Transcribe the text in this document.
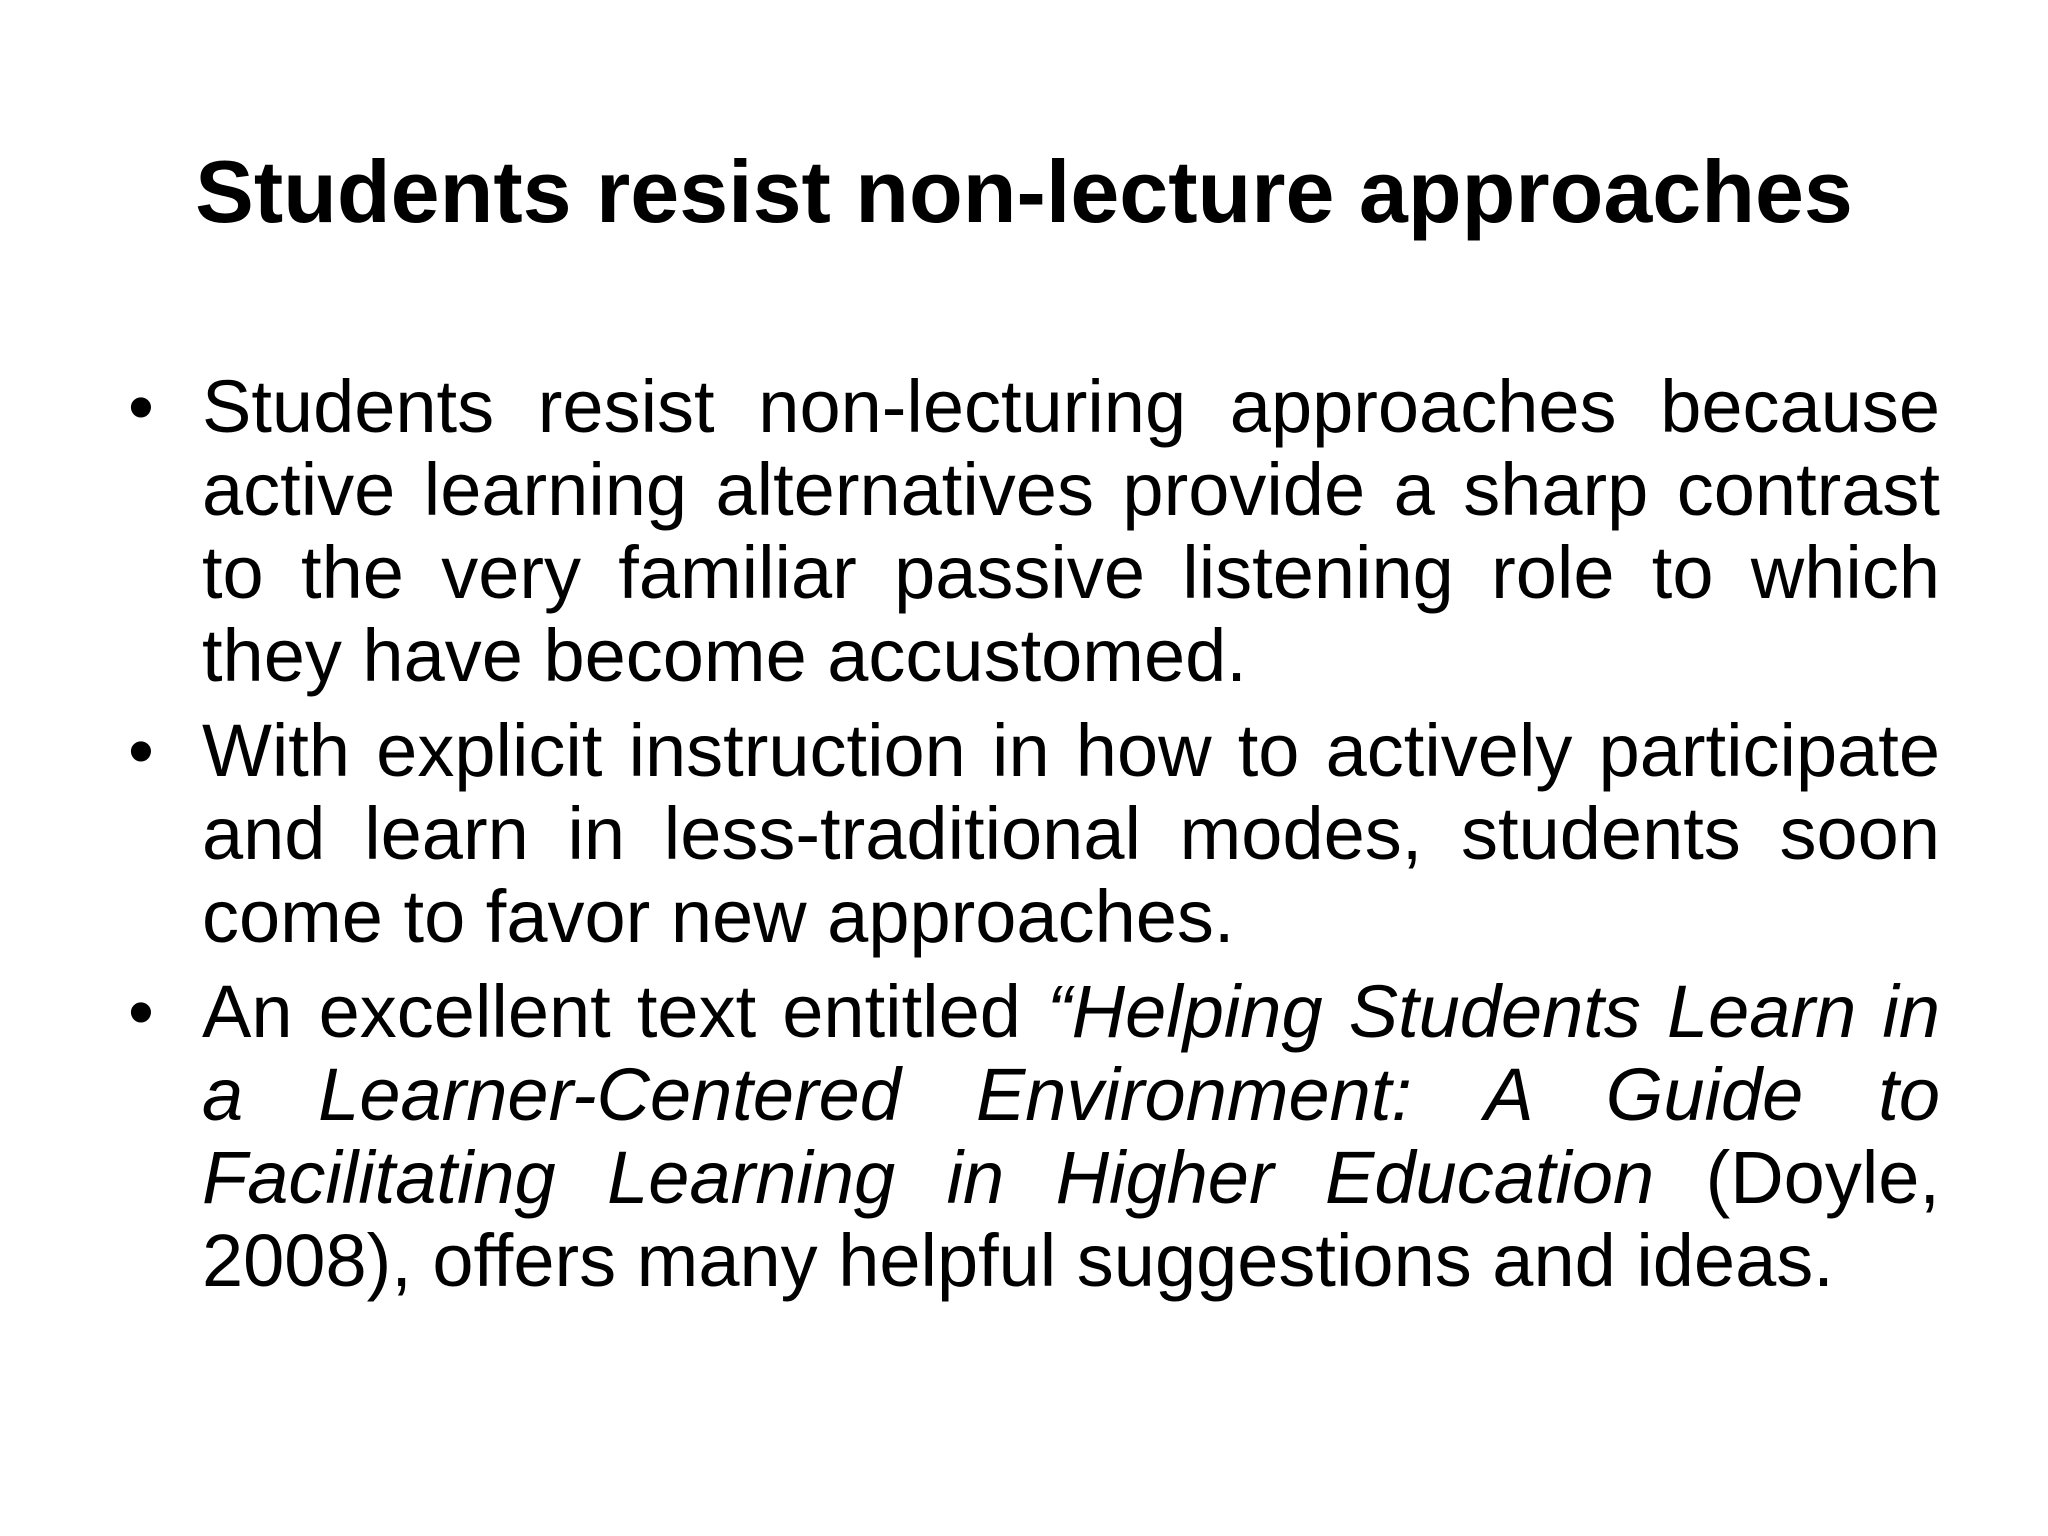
Students resist non-lecture approaches
• Students resist non-lecturing approaches because active learning alternatives provide a sharp contrast to the very familiar passive listening role to which they have become accustomed.
• With explicit instruction in how to actively participate and learn in less-traditional modes, students soon come to favor new approaches.
• An excellent text entitled “Helping Students Learn in a Learner-Centered Environment: A Guide to Facilitating Learning in Higher Education (Doyle, 2008), offers many helpful suggestions and ideas.
